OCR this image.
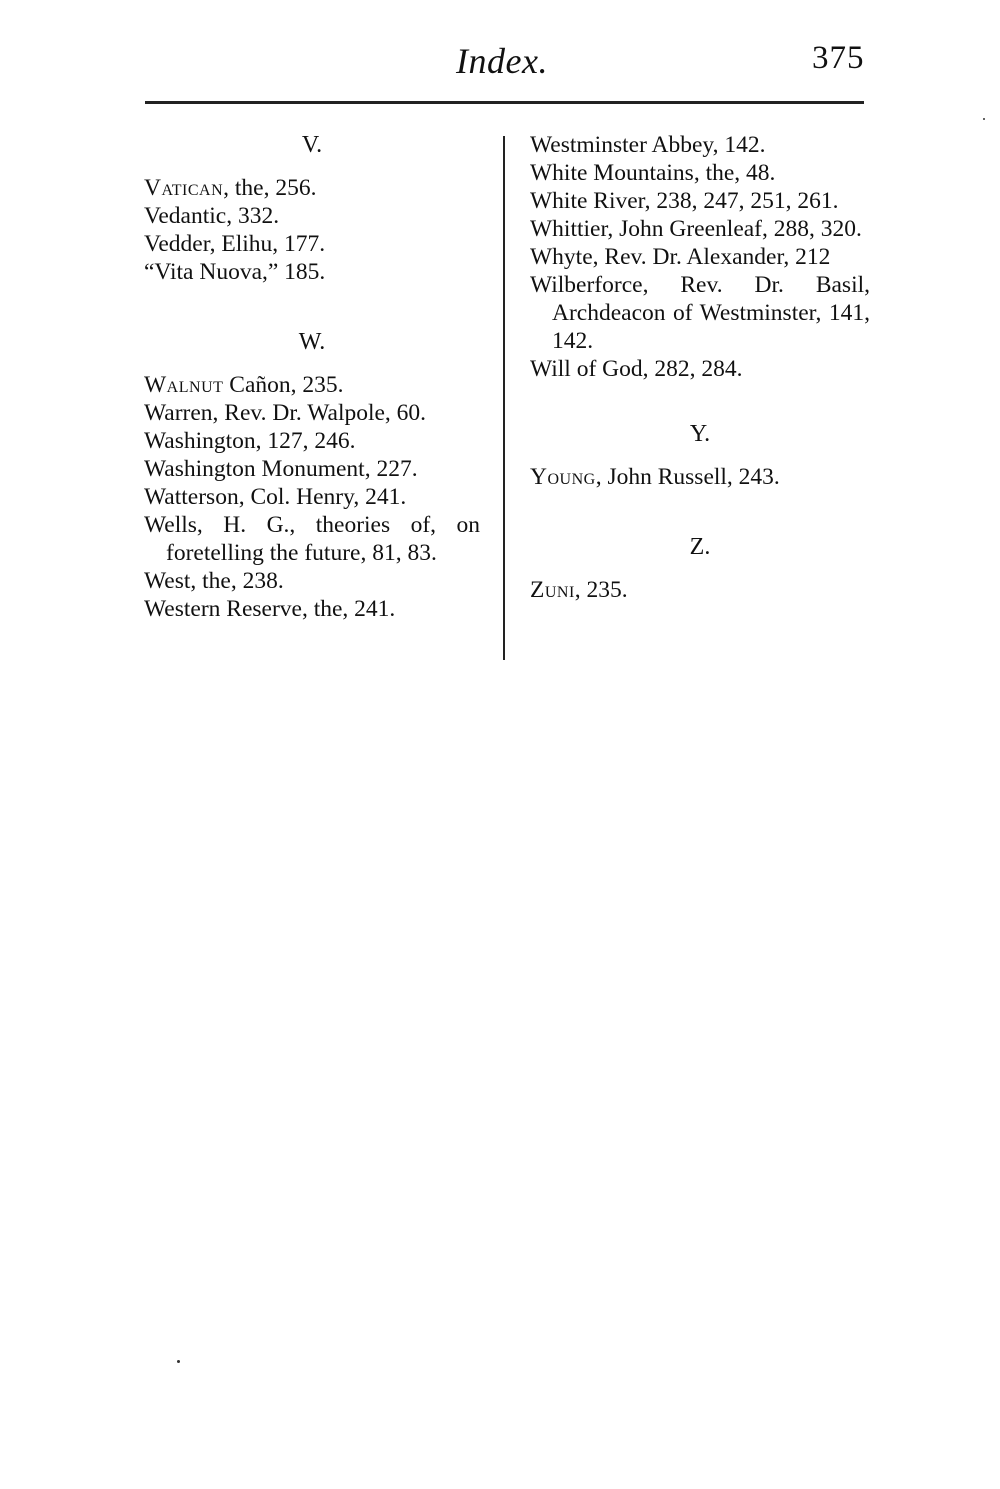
Index.	375
V.
Vatican, the, 256.
Vedantic, 332.
Vedder, Elihu, 177.
“Vita Nuova,” 185.
W.
Walnut Cañon, 235.
Warren, Rev. Dr. Walpole, 60.
Washington, 127, 246.
Washington Monument, 227.
Watterson, Col. Henry, 241.
Wells, H. G., theories of, on foretelling the future, 81, 83.
West, the, 238.
Western Reserve, the, 241.
Westminster Abbey, 142.
White Mountains, the, 48.
White River, 238, 247, 251, 261.
Whittier, John Greenleaf, 288, 320.
Whyte, Rev. Dr. Alexander, 212
Wilberforce, Rev. Dr. Basil, Archdeacon of Westminster, 141, 142.
Will of God, 282, 284.
Y.
Young, John Russell, 243.
Z.
Zuni, 235.
